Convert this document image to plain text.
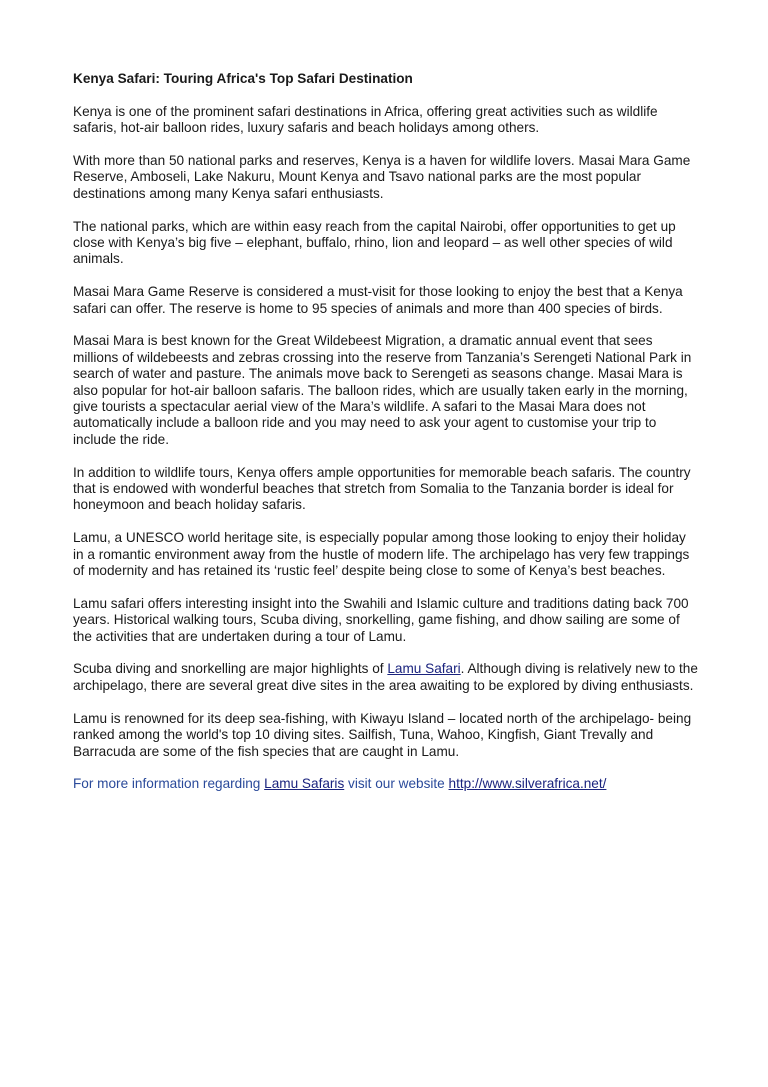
Kenya Safari: Touring Africa's Top Safari Destination

Kenya is one of the prominent safari destinations in Africa, offering great activities such as wildlife safaris, hot-air balloon rides, luxury safaris and beach holidays among others.

With more than 50 national parks and reserves, Kenya is a haven for wildlife lovers. Masai Mara Game Reserve, Amboseli, Lake Nakuru, Mount Kenya and Tsavo national parks are the most popular destinations among many Kenya safari enthusiasts.

The national parks, which are within easy reach from the capital Nairobi, offer opportunities to get up close with Kenya’s big five – elephant, buffalo, rhino, lion and leopard – as well other species of wild animals.

Masai Mara Game Reserve is considered a must-visit for those looking to enjoy the best that a Kenya safari can offer. The reserve is home to 95 species of animals and more than 400 species of birds.

Masai Mara is best known for the Great Wildebeest Migration, a dramatic annual event that sees millions of wildebeests and zebras crossing into the reserve from Tanzania’s Serengeti National Park in search of water and pasture. The animals move back to Serengeti as seasons change. Masai Mara is also popular for hot-air balloon safaris. The balloon rides, which are usually taken early in the morning, give tourists a spectacular aerial view of the Mara’s wildlife. A safari to the Masai Mara does not automatically include a balloon ride and you may need to ask your agent to customise your trip to include the ride.

In addition to wildlife tours, Kenya offers ample opportunities for memorable beach safaris. The country that is endowed with wonderful beaches that stretch from Somalia to the Tanzania border is ideal for honeymoon and beach holiday safaris.

Lamu, a UNESCO world heritage site, is especially popular among those looking to enjoy their holiday in a romantic environment away from the hustle of modern life. The archipelago has very few trappings of modernity and has retained its ‘rustic feel’ despite being close to some of Kenya’s best beaches.

Lamu safari offers interesting insight into the Swahili and Islamic culture and traditions dating back 700 years. Historical walking tours, Scuba diving, snorkelling, game fishing, and dhow sailing are some of the activities that are undertaken during a tour of Lamu.

Scuba diving and snorkelling are major highlights of Lamu Safari. Although diving is relatively new to the archipelago, there are several great dive sites in the area awaiting to be explored by diving enthusiasts.

Lamu is renowned for its deep sea-fishing, with Kiwayu Island – located north of the archipelago- being ranked among the world's top 10 diving sites. Sailfish, Tuna, Wahoo, Kingfish, Giant Trevally and Barracuda are some of the fish species that are caught in Lamu.

For more information regarding Lamu Safaris visit our website http://www.silverafrica.net/
